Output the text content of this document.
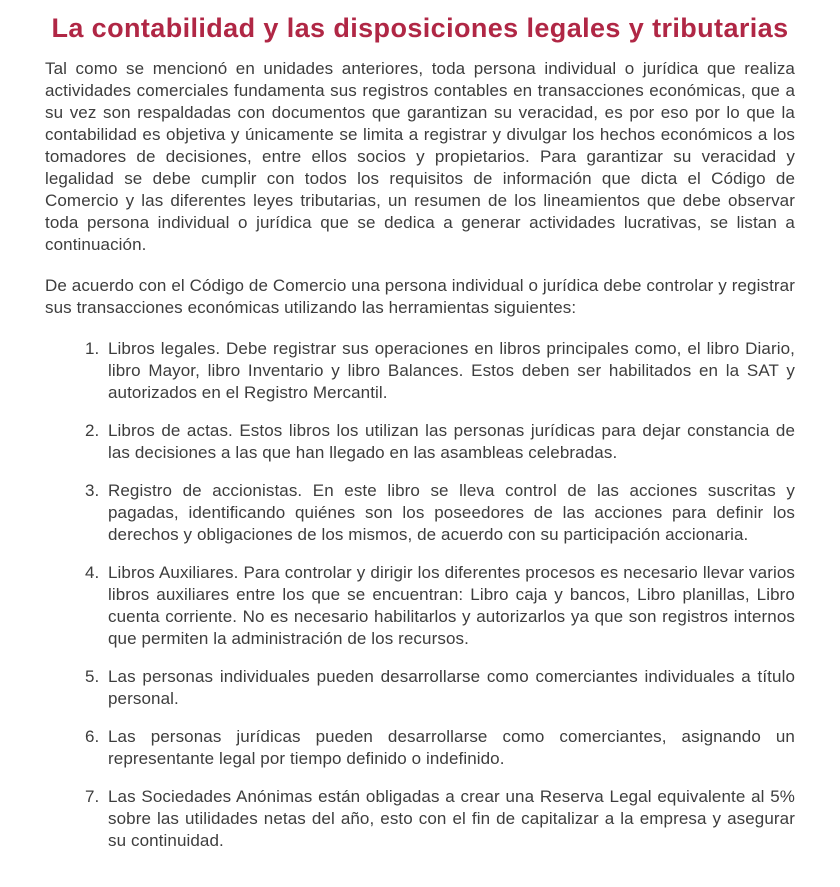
La contabilidad y las disposiciones legales y tributarias

Tal como se mencionó en unidades anteriores, toda persona individual o jurídica que realiza actividades comerciales fundamenta sus registros contables en transacciones económicas, que a su vez son respaldadas con documentos que garantizan su veracidad, es por eso por lo que la contabilidad es objetiva y únicamente se limita a registrar y divulgar los hechos económicos a los tomadores de decisiones, entre ellos socios y propietarios. Para garantizar su veracidad y legalidad se debe cumplir con todos los requisitos de información que dicta el Código de Comercio y las diferentes leyes tributarias, un resumen de los lineamientos que debe observar toda persona individual o jurídica que se dedica a generar actividades lucrativas, se listan a continuación.

De acuerdo con el Código de Comercio una persona individual o jurídica debe controlar y registrar sus transacciones económicas utilizando las herramientas siguientes:

1. Libros legales. Debe registrar sus operaciones en libros principales como, el libro Diario, libro Mayor, libro Inventario y libro Balances. Estos deben ser habilitados en la SAT y autorizados en el Registro Mercantil.
2. Libros de actas. Estos libros los utilizan las personas jurídicas para dejar constancia de las decisiones a las que han llegado en las asambleas celebradas.
3. Registro de accionistas. En este libro se lleva control de las acciones suscritas y pagadas, identificando quiénes son los poseedores de las acciones para definir los derechos y obligaciones de los mismos, de acuerdo con su participación accionaria.
4. Libros Auxiliares. Para controlar y dirigir los diferentes procesos es necesario llevar varios libros auxiliares entre los que se encuentran: Libro caja y bancos, Libro planillas, Libro cuenta corriente. No es necesario habilitarlos y autorizarlos ya que son registros internos que permiten la administración de los recursos.
5. Las personas individuales pueden desarrollarse como comerciantes individuales a título personal.
6. Las personas jurídicas pueden desarrollarse como comerciantes, asignando un representante legal por tiempo definido o indefinido.
7. Las Sociedades Anónimas están obligadas a crear una Reserva Legal equivalente al 5% sobre las utilidades netas del año, esto con el fin de capitalizar a la empresa y asegurar su continuidad.
